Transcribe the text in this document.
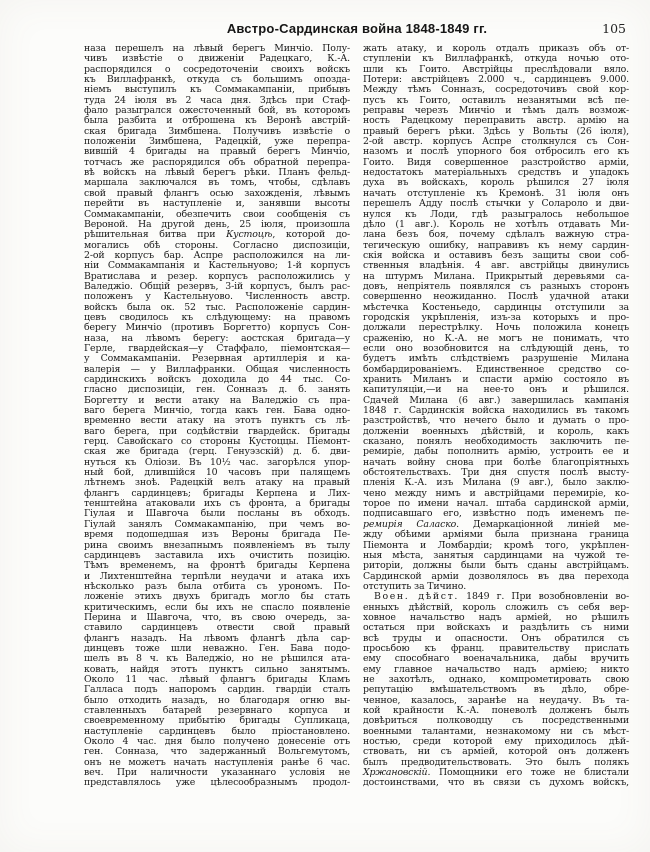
Австро-Сардинская война 1848-1849 гг.	105
наза перешелъ на лѣвый берегъ Минчіо. Полу-
чивъ извѣстіе о движеніи Радецкаго, К.-А.
распорядился о сосредоточеніи своихъ войскъ
къ Виллафранкѣ, откуда съ большимъ опозда-
ніемъ выступилъ къ Соммакампаніи, прибывъ
туда 24 іюля въ 2 часа дня. Здѣсь при Стаф-
фало разыгрался ожесточенный бой, въ которомъ
была разбита и отброшена къ Веронѣ австрій-
ская бригада Зимбшена. Получивъ извѣстіе о
положеніи Зимбшена, Радецкій, уже перепра-
вившій 4 бригады на правый берегъ Минчіо,
тотчасъ же распорядился объ обратной перепра-
вѣ войскъ на лѣвый берегъ рѣки. Планъ фельд-
маршала заключался въ томъ, чтобы, сдѣлавъ
свой правый флангъ осью захожденія, лѣвымъ
перейти въ наступленіе и, занявши высоты
Соммакампаніи, обезпечить свои сообщенія съ
Вероной. На другой день, 25 іюля, произошла
рѣшительная битва при Кустоцѣ, которой до-
могались обѣ стороны. Согласно диспозиціи,
2-ой корпусъ бар. Аспре расположился на ли-
ніи Соммакампанія и Кастельнуово; 1-й корпусъ
Вратислава и резер. корпусъ расположились у
Валеджіо. Общій резервъ, 3-ій корпусъ, былъ рас-
положенъ у Кастельнуово. Численность австр.
войскъ была ок. 52 тыс. Расположеніе сардин-
цевъ сводилось къ слѣдующему: на правомъ
берегу Минчіо (противъ Боргетто) корпусъ Сон-
наза, на лѣвомъ берегу: аостская бригада—у
Герле, гвардейская—у Стаффало, піемонтская—
у Соммакампаніи. Резервная артиллерія и ка-
валерія — у Виллафранки. Общая численность
сардинскихъ войскъ доходила до 44 тыс. Со-
гласно диспозиціи, ген. Сонназъ д. б. занять
Боргетту и вести атаку на Валеджіо съ пра-
ваго берега Минчіо, тогда какъ ген. Бава одно-
временно вести атаку на этотъ пунктъ съ лѣ-
ваго берега, при содѣйствіи гвардейск. бригады
герц. Савойскаго со стороны Кустоццы. Піемонт-
ская же бригада (герц. Генуэзскій) д. б. дви-
нуться къ Оліози. Въ 10½ час. загорѣлся упор-
ный бой, длившійся 10 часовъ при палящемъ
лѣтнемъ зноѣ. Радецкій велъ атаку на правый
флангъ сардинцевъ; бригады Керпена и Лих-
тенштейна атаковали ихъ съ фронта, а бригады
Гіулая и Шавгоча были посланы въ обходъ.
Гіулай занялъ Соммакампанію, при чемъ во-
время подошедшая изъ Вероны бригада Пе-
рина своимъ внезапнымъ появленіемъ въ тылу
сардинцевъ заставила ихъ очистить позицію.
Тѣмъ временемъ, на фронтѣ бригады Керпена
и Лихтенштейна терпѣли неудачи и атака ихъ
нѣсколько разъ была отбита съ урономъ. По-
ложеніе этихъ двухъ бригадъ могло бы стать
критическимъ, если бы ихъ не спасло появленіе
Перина и Шавгоча, что, въ свою очередь, за-
ставило сардинцевъ отвести свой правый
флангъ назадъ. На лѣвомъ флангѣ дѣла сар-
динцевъ тоже шли неважно. Ген. Бава подо-
шелъ въ 8 ч. къ Валеджіо, но не рѣшился ата-
ковать, найдя этотъ пунктъ сильно занятымъ.
Около 11 час. лѣвый флангъ бригады Кламъ
Галласа подъ напоромъ сардин. гвардіи сталъ
было отходить назадъ, но благодаря огню вы-
ставленныхъ батарей резервнаго корпуса и
своевременному прибытію бригады Супликаца,
наступленіе сардинцевъ было пріостановлено.
Около 4 час. дня было получено донесеніе отъ
ген. Сонназа, что задержанный Вольгемутомъ,
онъ не можетъ начать наступленія ранѣе 6 час.
веч. При наличности указаннаго условія не
представлялось уже цѣлесообразнымъ продол-
жать атаку, и король отдалъ приказъ объ от-
ступленіи къ Виллафранкѣ, откуда ночью ото-
шли къ Гоито. Австрійцы преслѣдовали вяло.
Потери: австрійцевъ 2.000 ч., сардинцевъ 9.000.
Между тѣмъ Сонназъ, сосредоточивъ свой кор-
пусъ къ Гоито, оставилъ незанятыми всѣ пе-
реправы черезъ Минчіо и тѣмъ далъ возмож-
ность Радецкому переправить австр. армію на
правый берегъ рѣки. Здѣсь у Вольты (26 іюля),
2-ой австр. корпусъ Аспре столкнулся съ Сон-
назомъ и послѣ упорного боя отбросилъ его къ
Гоито. Видя совершенное разстройство арміи,
недостатокъ матеріальныхъ средствъ и упадокъ
духа въ войскахъ, король рѣшился 27 іюля
начать отступленіе къ Кремонѣ. 31 іюля онъ
перешелъ Адду послѣ стычки у Солароло и дви-
нулся къ Лоди, гдѣ разыгралось небольшое
дѣло (1 авг.). Король не хотѣлъ отдавать Ми-
лана безъ боя, почему сдѣлалъ важную стра-
тегическую ошибку, направивъ къ нему сардин-
скія войска и оставивъ безъ защиты свои соб-
ственныя владѣнія. 4 авг. австрійцы двинулись
на штурмъ Милана. Прикрытый деревьями са-
довъ, непріятель появлялся съ разныхъ сторонъ
совершенно неожиданно. Послѣ удачной атаки
мѣстечка Костеньедо, сардинцы отступили за
городскія укрѣпленія, изъ-за которыхъ и про-
должали перестрѣлку. Ночь положила конецъ
сраженію, но К.-А. не могъ не понимать, что
если оно возобновится на слѣдующій день, то
будетъ имѣть слѣдствіемъ разрушеніе Милана
бомбардированіемъ. Единственное средство со-
хранить Миланъ и спасти армію состояло въ
капитуляціи,—и на нее-то онъ и рѣшился.
Сдачей Милана (6 авг.) завершилась кампанія
1848 г. Сардинскія войска находились въ такомъ
разстройствѣ, что нечего было и думать о про-
долженіи военныхъ дѣйствій, и король, какъ
сказано, понялъ необходимость заключить пе-
ремиріе, дабы пополнить армію, устроить ее и
начать войну снова при болѣе благопріятныхъ
обстоятельствахъ. Три дня спустя послѣ высту-
пленія К.-А. изъ Милана (9 авг.), было заклю-
чено между нимъ и австрійцами перемиріе, ко-
торое по имени начал. штаба сардинской арміи,
подписавшаго его, извѣстно подъ именемъ пе-
ремирія Саласко. Демаркаціонной линіей ме-
жду обѣими арміями была признана граница
Піемонта и Ломбардіи; кромѣ того, укрѣплен-
ныя мѣста, занятыя сардинцами на чужой те-
риторіи, должны были быть сданы австрійцамъ.
Сардинской арміи дозволялось въ два перехода
отступить за Тичино.
Воен. дѣйст. 1849 г. При возобновленіи во-
енныхъ дѣйствій, король сложилъ съ себя вер-
ховное начальство надъ арміей, но рѣшилъ
остаться при войскахъ и раздѣлить съ ними
всѣ труды и опасности. Онъ обратился съ
просьбою къ франц. правительству прислать
ему способнаго военачальника, дабы вручить
ему главное начальство надъ арміею; никто
не захотѣлъ, однако, компрометировать свою
репутацію вмѣшательствомъ въ дѣло, обре-
ченное, казалось, заранѣе на неудачу. Въ та-
кой крайности К.-А. поневолѣ долженъ былъ
довѣриться полководцу съ посредственными
военными талантами, незнакомому ни съ мѣст-
ностью, среди которой ему приходилось дѣй-
ствовать, ни съ арміей, которой онъ долженъ
былъ предводительствовать. Это былъ полякъ
Хржановскій. Помощники его тоже не блистали
достоинствами, что въ связи съ духомъ войскъ,
